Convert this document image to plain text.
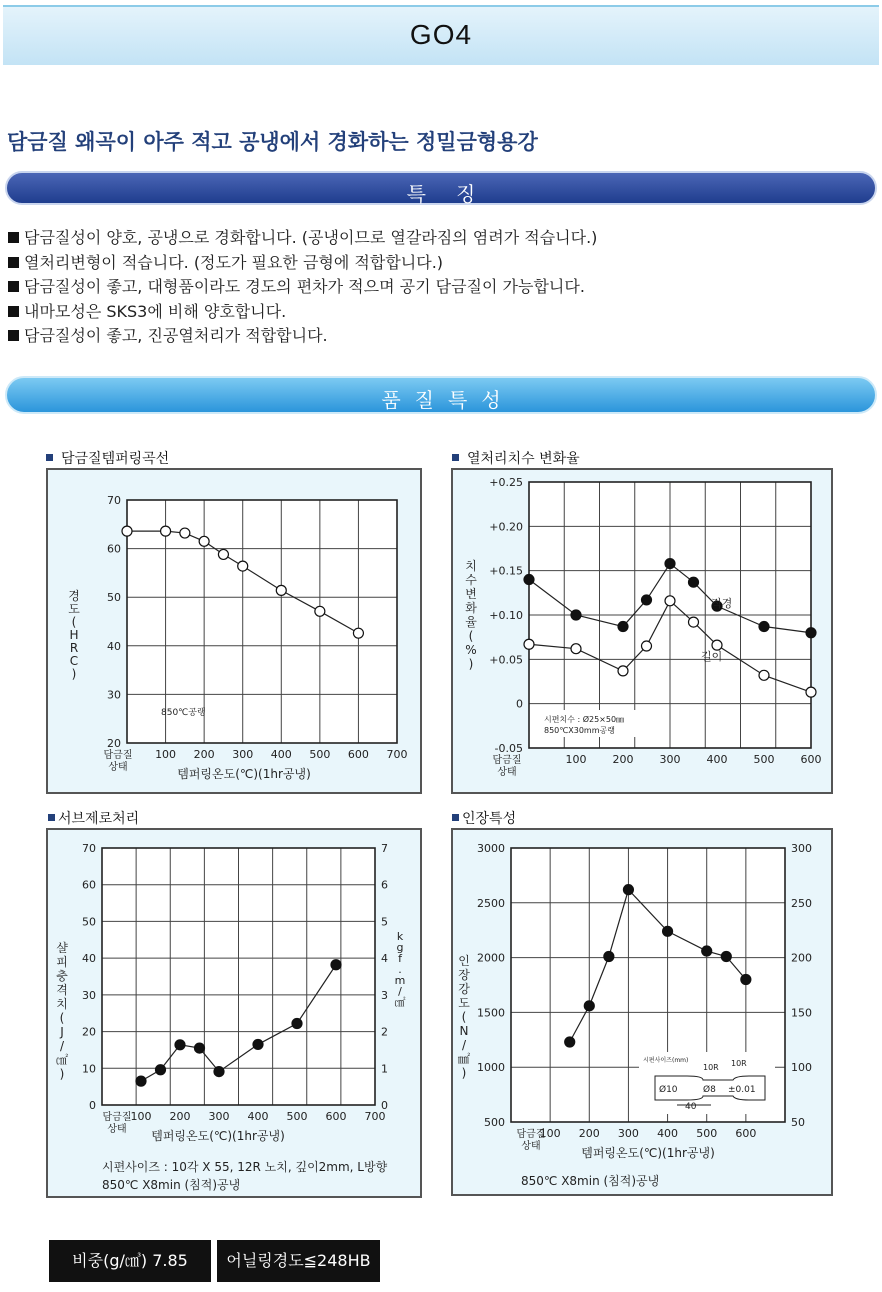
GO4
담금질 왜곡이 아주 적고 공냉에서 경화하는 정밀금형용강
특징
담금질성이 양호, 공냉으로 경화합니다. (공냉이므로 열갈라짐의 염려가 적습니다.)
열처리변형이 적습니다. (정도가 필요한 금형에 적합합니다.)
담금질성이 좋고, 대형품이라도 경도의 편차가 적으며 공기 담금질이 가능합니다.
내마모성은 SKS3에 비해 양호합니다.
담금질성이 좋고, 진공열처리가 적합합니다.
품질특성
담금질템퍼링곡선	열처리치수 변화율
서브제로처리	인장특성
20
30
40
50
60
70
담금질
상태
100 200 300 400 500 600 700
템퍼링온도(℃)(1hr공냉)
경
도
(
H
R
C
)
850℃공랭
-0.05
0
+0.05
+0.10
+0.15
+0.20
+0.25
담금질
상태
100 200 300 400 500 600
치
수
변
화
율
(
%
)
직경
길이
시편치수 : Ø25×50㎜
850℃X30mm공랭
0
10
20
30
40
50
60
70
0
1
2
3
4
5
6
7
담금질
상태
100 200 300 400 500 600 700
템퍼링온도(℃)(1hr공냉)
샬
피
충
격
치
(
J
/
㎠
)
k
g
f
.
m
/
㎠
시편사이즈 : 10각 X 55, 12R 노치, 깊이2mm, L방향
850℃ X8min (침적)공냉
500
1000
1500
2000
2500
3000
50
100
150
200
250
300
담금질
상태
100 200 300 400 500 600
템퍼링온도(℃)(1hr공냉)
인
장
강
도
(
N
/
㎟
)
850℃ X8min (침적)공냉
시편사이즈(mm)
10R 10R
Ø10	Ø8 ±0.01
40
비중(g/㎤) 7.85	어닐링경도≦248HB
